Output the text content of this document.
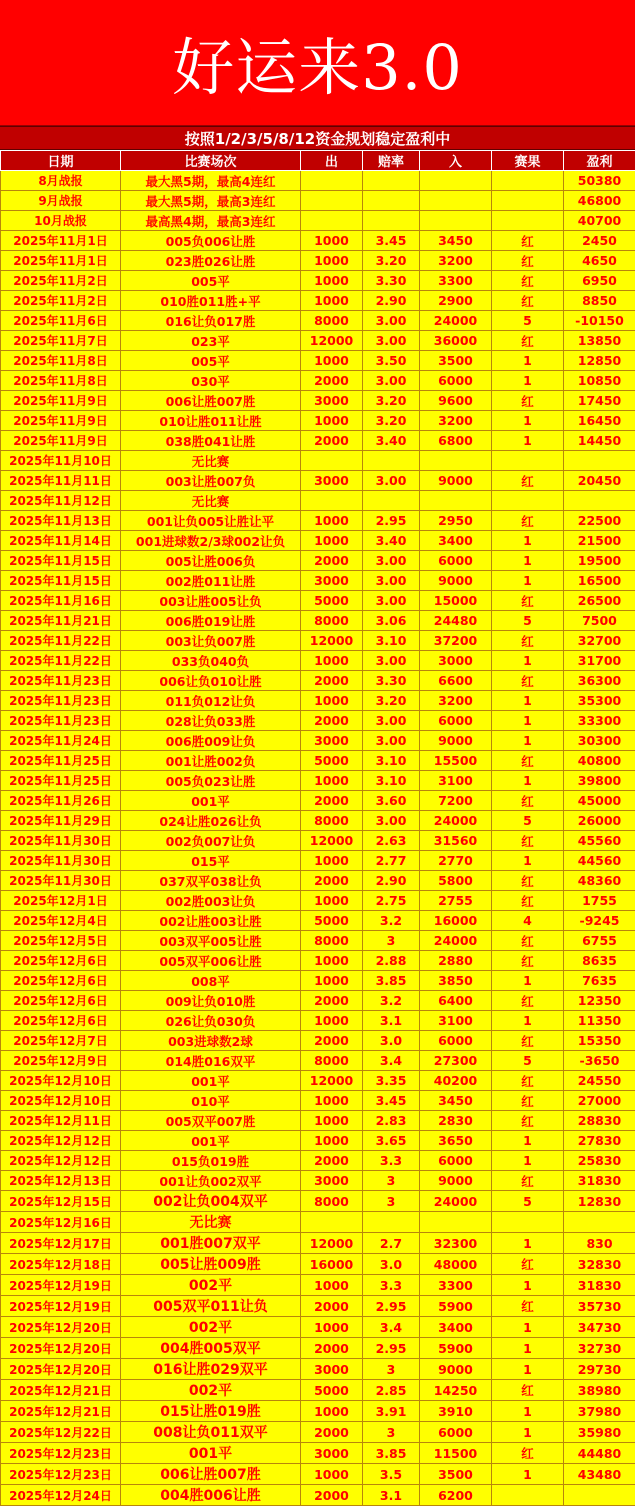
好运来3.0
按照1/2/3/5/8/12资金规划稳定盈利中
日期	比赛场次	出	赔率	入	赛果	盈利
8月战报	最大黑5期，最高4连红					50380
9月战报	最大黑5期，最高3连红					46800
10月战报	最高黑4期，最高3连红					40700
2025年11月1日	005负006让胜	1000	3.45	3450	红	2450
2025年11月1日	023胜026让胜	1000	3.20	3200	红	4650
2025年11月2日	005平	1000	3.30	3300	红	6950
2025年11月2日	010胜011胜+平	1000	2.90	2900	红	8850
2025年11月6日	016让负017胜	8000	3.00	24000	5	-10150
2025年11月7日	023平	12000	3.00	36000	红	13850
2025年11月8日	005平	1000	3.50	3500	1	12850
2025年11月8日	030平	2000	3.00	6000	1	10850
2025年11月9日	006让胜007胜	3000	3.20	9600	红	17450
2025年11月9日	010让胜011让胜	1000	3.20	3200	1	16450
2025年11月9日	038胜041让胜	2000	3.40	6800	1	14450
2025年11月10日	无比赛					
2025年11月11日	003让胜007负	3000	3.00	9000	红	20450
2025年11月12日	无比赛					
2025年11月13日	001让负005让胜让平	1000	2.95	2950	红	22500
2025年11月14日	001进球数2/3球002让负	1000	3.40	3400	1	21500
2025年11月15日	005让胜006负	2000	3.00	6000	1	19500
2025年11月15日	002胜011让胜	3000	3.00	9000	1	16500
2025年11月16日	003让胜005让负	5000	3.00	15000	红	26500
2025年11月21日	006胜019让胜	8000	3.06	24480	5	7500
2025年11月22日	003让负007胜	12000	3.10	37200	红	32700
2025年11月22日	033负040负	1000	3.00	3000	1	31700
2025年11月23日	006让负010让胜	2000	3.30	6600	红	36300
2025年11月23日	011负012让负	1000	3.20	3200	1	35300
2025年11月23日	028让负033胜	2000	3.00	6000	1	33300
2025年11月24日	006胜009让负	3000	3.00	9000	1	30300
2025年11月25日	001让胜002负	5000	3.10	15500	红	40800
2025年11月25日	005负023让胜	1000	3.10	3100	1	39800
2025年11月26日	001平	2000	3.60	7200	红	45000
2025年11月29日	024让胜026让负	8000	3.00	24000	5	26000
2025年11月30日	002负007让负	12000	2.63	31560	红	45560
2025年11月30日	015平	1000	2.77	2770	1	44560
2025年11月30日	037双平038让负	2000	2.90	5800	红	48360
2025年12月1日	002胜003让负	1000	2.75	2755	红	1755
2025年12月4日	002让胜003让胜	5000	3.2	16000	4	-9245
2025年12月5日	003双平005让胜	8000	3	24000	红	6755
2025年12月6日	005双平006让胜	1000	2.88	2880	红	8635
2025年12月6日	008平	1000	3.85	3850	1	7635
2025年12月6日	009让负010胜	2000	3.2	6400	红	12350
2025年12月6日	026让负030负	1000	3.1	3100	1	11350
2025年12月7日	003进球数2球	2000	3.0	6000	红	15350
2025年12月9日	014胜016双平	8000	3.4	27300	5	-3650
2025年12月10日	001平	12000	3.35	40200	红	24550
2025年12月10日	010平	1000	3.45	3450	红	27000
2025年12月11日	005双平007胜	1000	2.83	2830	红	28830
2025年12月12日	001平	1000	3.65	3650	1	27830
2025年12月12日	015负019胜	2000	3.3	6000	1	25830
2025年12月13日	001让负002双平	3000	3	9000	红	31830
2025年12月15日	002让负004双平	8000	3	24000	5	12830
2025年12月16日	无比赛					
2025年12月17日	001胜007双平	12000	2.7	32300	1	830
2025年12月18日	005让胜009胜	16000	3.0	48000	红	32830
2025年12月19日	002平	1000	3.3	3300	1	31830
2025年12月19日	005双平011让负	2000	2.95	5900	红	35730
2025年12月20日	002平	1000	3.4	3400	1	34730
2025年12月20日	004胜005双平	2000	2.95	5900	1	32730
2025年12月20日	016让胜029双平	3000	3	9000	1	29730
2025年12月21日	002平	5000	2.85	14250	红	38980
2025年12月21日	015让胜019胜	1000	3.91	3910	1	37980
2025年12月22日	008让负011双平	2000	3	6000	1	35980
2025年12月23日	001平	3000	3.85	11500	红	44480
2025年12月23日	006让胜007胜	1000	3.5	3500	1	43480
2025年12月24日	004胜006让胜	2000	3.1	6200		
